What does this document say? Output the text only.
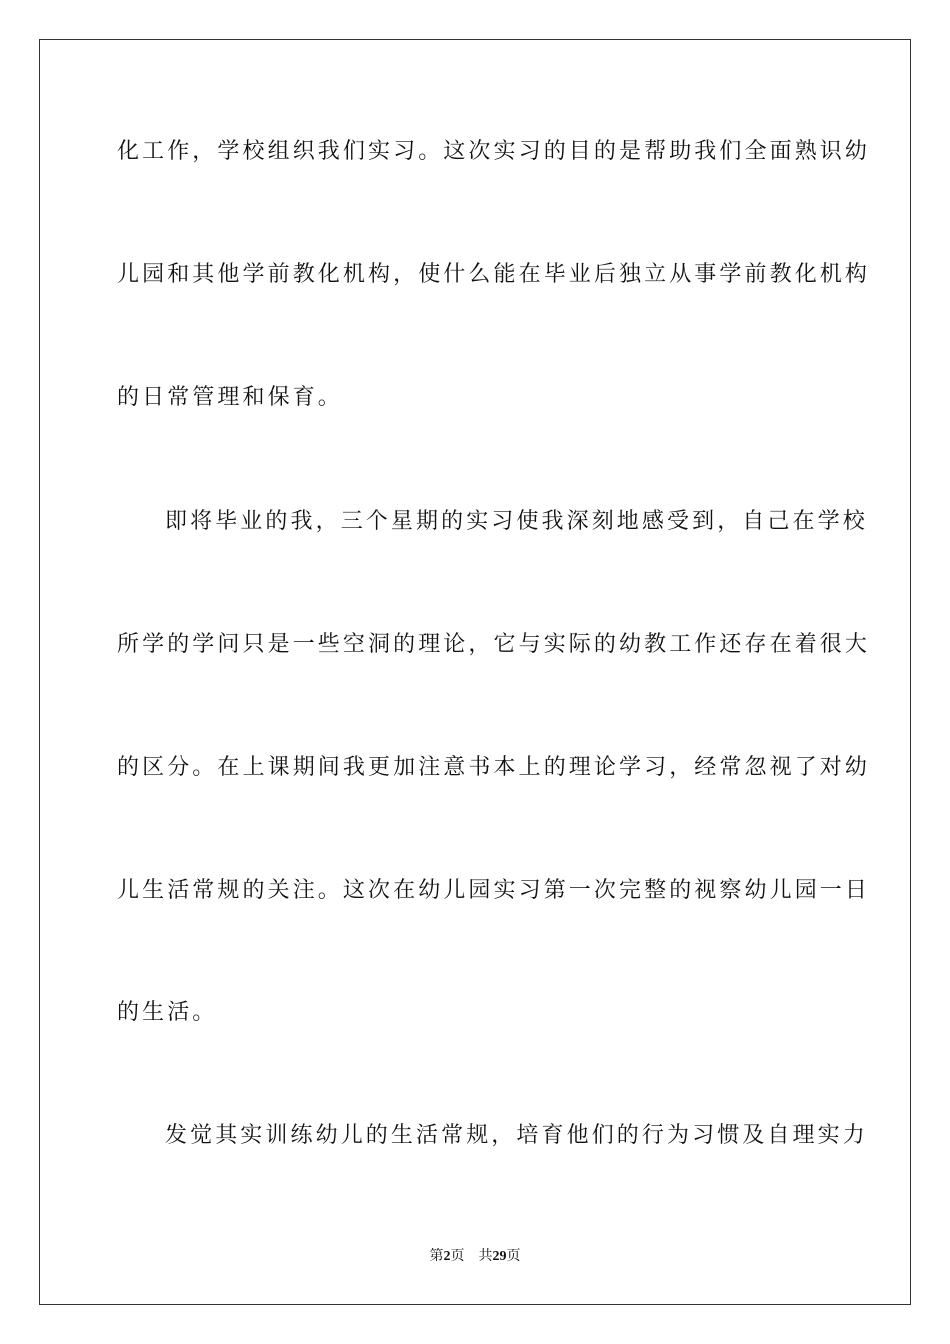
化工作，学校组织我们实习。这次实习的目的是帮助我们全面熟识幼
儿园和其他学前教化机构，使什么能在毕业后独立从事学前教化机构
的日常管理和保育。
即将毕业的我，三个星期的实习使我深刻地感受到，自己在学校
所学的学问只是一些空洞的理论，它与实际的幼教工作还存在着很大
的区分。在上课期间我更加注意书本上的理论学习，经常忽视了对幼
儿生活常规的关注。这次在幼儿园实习第一次完整的视察幼儿园一日
的生活。
发觉其实训练幼儿的生活常规，培育他们的行为习惯及自理实力
第2页 共29页
